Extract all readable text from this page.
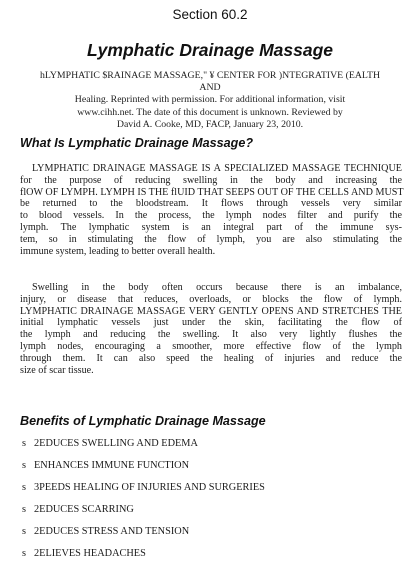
Section 60.2
Lymphatic Drainage Massage
hLYMPHATIC $RAINAGE MASSAGE," ¥ CENTER FOR )NTEGRATIVE (EALTH AND
Healing. Reprinted with permission. For additional information, visit
www.cihh.net. The date of this document is unknown. Reviewed by
David A. Cooke, MD, FACP, January 23, 2010.
What Is Lymphatic Drainage Massage?
LYMPHATIC DRAINAGE MASSAGE IS A SPECIALIZED MASSAGE TECHNIQUE
for the purpose of reducing swelling in the body and increasing the
flOW OF LYMPH. LYMPH IS THE flUID THAT SEEPS OUT OF THE CELLS AND MUST
be returned to the bloodstream. It flows through vessels very similar
to blood vessels. In the process, the lymph nodes filter and purify the
lymph. The lymphatic system is an integral part of the immune sys-
tem, so in stimulating the flow of lymph, you are also stimulating the
immune system, leading to better overall health.
Swelling in the body often occurs because there is an imbalance,
injury, or disease that reduces, overloads, or blocks the flow of lymph.
LYMPHATIC DRAINAGE MASSAGE VERY GENTLY OPENS AND STRETCHES THE
initial lymphatic vessels just under the skin, facilitating the flow of
the lymph and reducing the swelling. It also very lightly flushes the
lymph nodes, encouraging a smoother, more effective flow of the lymph
through them. It can also speed the healing of injuries and reduce the
size of scar tissue.
Benefits of Lymphatic Drainage Massage
s 2EDUCES SWELLING AND EDEMA
s ENHANCES IMMUNE FUNCTION
s 3PEEDS HEALING OF INJURIES AND SURGERIES
s 2EDUCES SCARRING
s 2EDUCES STRESS AND TENSION
s 2ELIEVES HEADACHES
